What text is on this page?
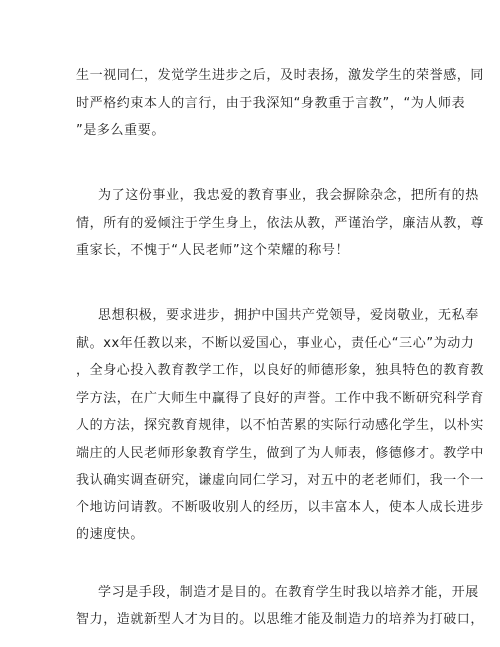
生一视同仁，发觉学生进步之后，及时表扬，激发学生的荣誉感，同
时严格约束本人的言行，由于我深知“身教重于言教”，“为人师表
”是多么重要。
为了这份事业，我忠爱的教育事业，我会摒除杂念，把所有的热
情，所有的爱倾注于学生身上，依法从教，严谨治学，廉洁从教，尊
重家长，不愧于“人民老师”这个荣耀的称号！
思想积极，要求进步，拥护中国共产党领导，爱岗敬业，无私奉
献。xx年任教以来，不断以爱国心，事业心，责任心“三心”为动力
，全身心投入教育教学工作，以良好的师德形象，独具特色的教育教
学方法，在广大师生中赢得了良好的声誉。工作中我不断研究科学育
人的方法，探究教育规律，以不怕苦累的实际行动感化学生，以朴实
端庄的人民老师形象教育学生，做到了为人师表，修德修才。教学中
我认确实调查研究，谦虚向同仁学习，对五中的老老师们，我一个一
个地访问请教。不断吸收别人的经历，以丰富本人，使本人成长进步
的速度快。
学习是手段，制造才是目的。在教育学生时我以培养才能，开展
智力，造就新型人才为目的。以思维才能及制造力的培养为打破口，
